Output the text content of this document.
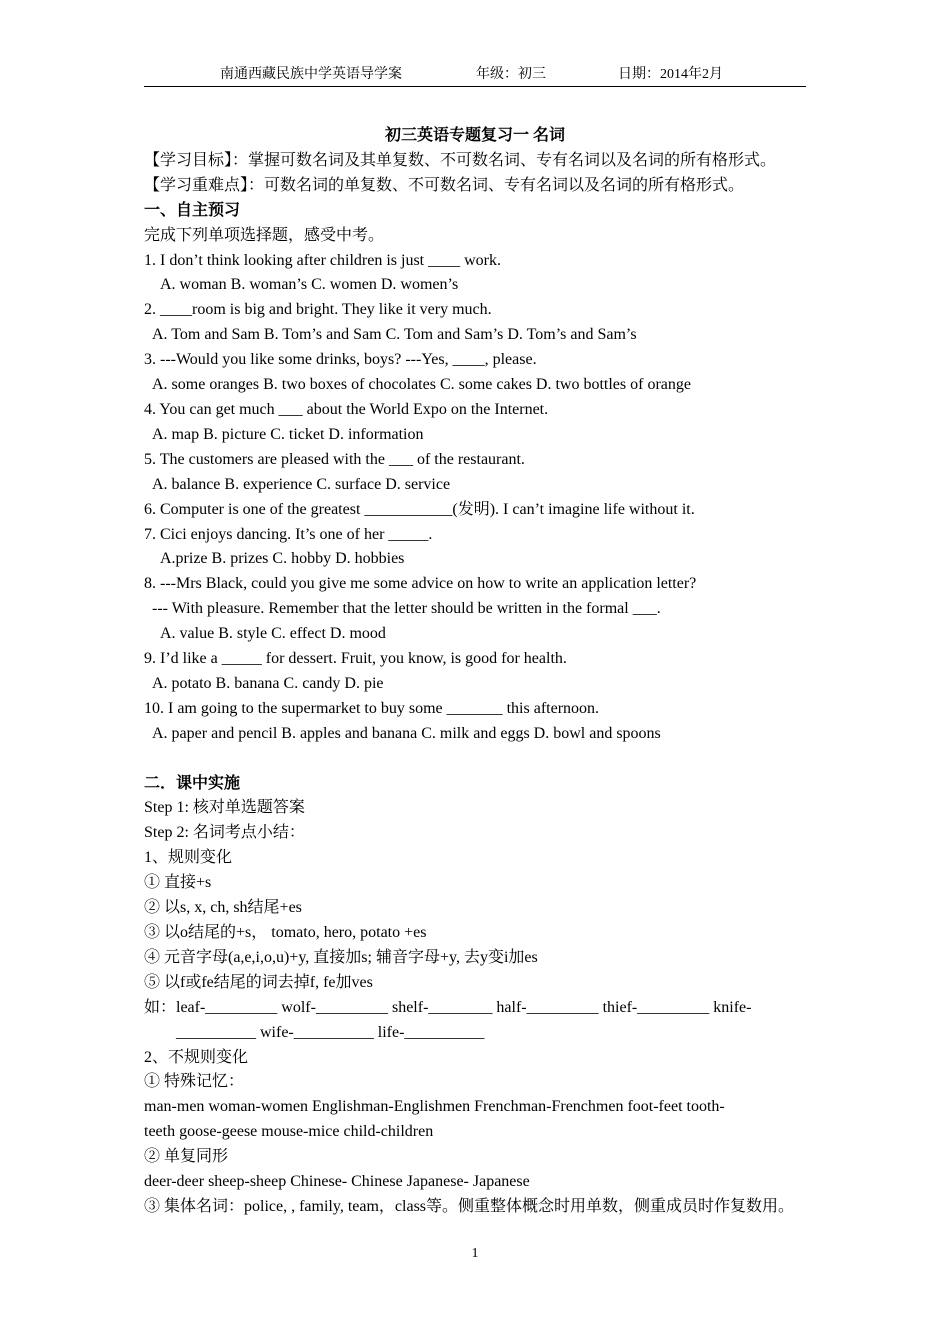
南通西藏民族中学英语导学案	年级：初三	日期：2014年2月
初三英语专题复习一 名词
【学习目标】：掌握可数名词及其单复数、不可数名词、专有名词以及名词的所有格形式。
【学习重难点】：可数名词的单复数、不可数名词、专有名词以及名词的所有格形式。
一、自主预习
完成下列单项选择题，感受中考。
1. I don’t think looking after children is just ____ work.
A. woman B. woman’s C. women D. women’s
2. ____room is big and bright. They like it very much.
A. Tom and Sam B. Tom’s and Sam C. Tom and Sam’s D. Tom’s and Sam’s
3. ---Would you like some drinks, boys? ---Yes, ____, please.
A. some oranges B. two boxes of chocolates C. some cakes D. two bottles of orange
4. You can get much ___ about the World Expo on the Internet.
A. map B. picture C. ticket D. information
5. The customers are pleased with the ___ of the restaurant.
A. balance B. experience C. surface D. service
6. Computer is one of the greatest ___________(发明). I can’t imagine life without it.
7. Cici enjoys dancing. It’s one of her _____.
A.prize B. prizes C. hobby D. hobbies
8. ---Mrs Black, could you give me some advice on how to write an application letter?
--- With pleasure. Remember that the letter should be written in the formal ___.
A. value B. style C. effect D. mood
9. I’d like a _____ for dessert. Fruit, you know, is good for health.
A. potato B. banana C. candy D. pie
10. I am going to the supermarket to buy some _______ this afternoon.
A. paper and pencil B. apples and banana C. milk and eggs D. bowl and spoons
二．课中实施
Step 1: 核对单选题答案
Step 2: 名词考点小结：
1、规则变化
① 直接+s
② 以s, x, ch, sh结尾+es
③ 以o结尾的+s， tomato, hero, potato +es
④ 元音字母(a,e,i,o,u)+y, 直接加s; 辅音字母+y, 去y变i加es
⑤ 以f或fe结尾的词去掉f, fe加ves
如：leaf-_________ wolf-_________ shelf-________ half-_________ thief-_________ knife-
__________ wife-__________ life-__________
2、不规则变化
① 特殊记忆：
man-men woman-women Englishman-Englishmen Frenchman-Frenchmen foot-feet tooth-
teeth goose-geese mouse-mice child-children
② 单复同形
deer-deer sheep-sheep Chinese- Chinese Japanese- Japanese
③ 集体名词：police, , family, team，class等。侧重整体概念时用单数，侧重成员时作复数用。
1
